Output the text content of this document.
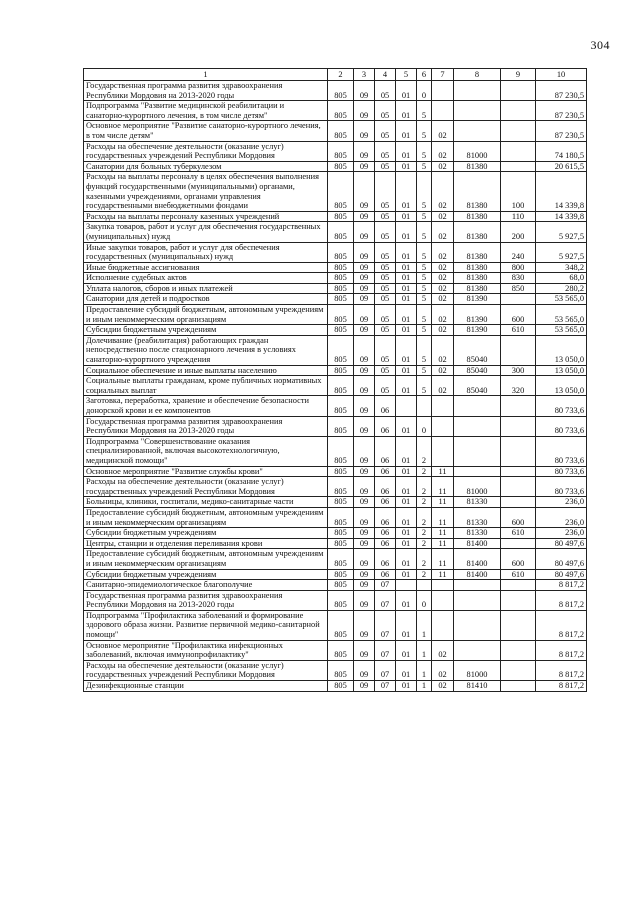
304
1	2	3	4	5	6	7	8	9	10
Государственная программа развития здравоохранения Республики Мордовия на 2013-2020 годы	805	09	05	01	0				87 230,5
Подпрограмма "Развитие медицинской реабилитации и санаторно-курортного лечения, в том числе детям"	805	09	05	01	5				87 230,5
Основное мероприятие "Развитие санаторно-курортного лечения, в том числе детям"	805	09	05	01	5	02			87 230,5
Расходы на обеспечение деятельности (оказание услуг) государственных учреждений Республики Мордовия	805	09	05	01	5	02	81000		74 180,5
Санатории для больных туберкулезом	805	09	05	01	5	02	81380		20 615,5
Расходы на выплаты персоналу в целях обеспечения выполнения функций государственными (муниципальными) органами, казенными учреждениями, органами управления государственными внебюджетными фондами	805	09	05	01	5	02	81380	100	14 339,8
Расходы на выплаты персоналу казенных учреждений	805	09	05	01	5	02	81380	110	14 339,8
Закупка товаров, работ и услуг для обеспечения государственных (муниципальных) нужд	805	09	05	01	5	02	81380	200	5 927,5
Иные закупки товаров, работ и услуг для обеспечения государственных (муниципальных) нужд	805	09	05	01	5	02	81380	240	5 927,5
Иные бюджетные ассигнования	805	09	05	01	5	02	81380	800	348,2
Исполнение судебных актов	805	09	05	01	5	02	81380	830	68,0
Уплата налогов, сборов и иных платежей	805	09	05	01	5	02	81380	850	280,2
Санатории для детей и подростков	805	09	05	01	5	02	81390		53 565,0
Предоставление субсидий бюджетным, автономным учреждениям и иным некоммерческим организациям	805	09	05	01	5	02	81390	600	53 565,0
Субсидии бюджетным учреждениям	805	09	05	01	5	02	81390	610	53 565,0
Долечивание (реабилитация) работающих граждан непосредственно после стационарного лечения в условиях санаторно-курортного учреждения	805	09	05	01	5	02	85040		13 050,0
Социальное обеспечение и иные выплаты населению	805	09	05	01	5	02	85040	300	13 050,0
Социальные выплаты гражданам, кроме публичных нормативных социальных выплат	805	09	05	01	5	02	85040	320	13 050,0
Заготовка, переработка, хранение и обеспечение безопасности донорской крови и ее компонентов	805	09	06						80 733,6
Государственная программа развития здравоохранения Республики Мордовия на 2013-2020 годы	805	09	06	01	0				80 733,6
Подпрограмма "Совершенствование оказания специализированной, включая высокотехнологичную, медицинской помощи"	805	09	06	01	2				80 733,6
Основное мероприятие "Развитие службы крови"	805	09	06	01	2	11			80 733,6
Расходы на обеспечение деятельности (оказание услуг) государственных учреждений Республики Мордовия	805	09	06	01	2	11	81000		80 733,6
Больницы, клиники, госпитали, медико-санитарные части	805	09	06	01	2	11	81330		236,0
Предоставление субсидий бюджетным, автономным учреждениям и иным некоммерческим организациям	805	09	06	01	2	11	81330	600	236,0
Субсидии бюджетным учреждениям	805	09	06	01	2	11	81330	610	236,0
Центры, станции и отделения переливания крови	805	09	06	01	2	11	81400		80 497,6
Предоставление субсидий бюджетным, автономным учреждениям и иным некоммерческим организациям	805	09	06	01	2	11	81400	600	80 497,6
Субсидии бюджетным учреждениям	805	09	06	01	2	11	81400	610	80 497,6
Санитарно-эпидемиологическое благополучие	805	09	07						8 817,2
Государственная программа развития здравоохранения Республики Мордовия на 2013-2020 годы	805	09	07	01	0				8 817,2
Подпрограмма "Профилактика заболеваний и формирование здорового образа жизни. Развитие первичной медико-санитарной помощи"	805	09	07	01	1				8 817,2
Основное мероприятие "Профилактика инфекционных заболеваний, включая иммунопрофилактику"	805	09	07	01	1	02			8 817,2
Расходы на обеспечение деятельности (оказание услуг) государственных учреждений Республики Мордовия	805	09	07	01	1	02	81000		8 817,2
Дезинфекционные станции	805	09	07	01	1	02	81410		8 817,2
